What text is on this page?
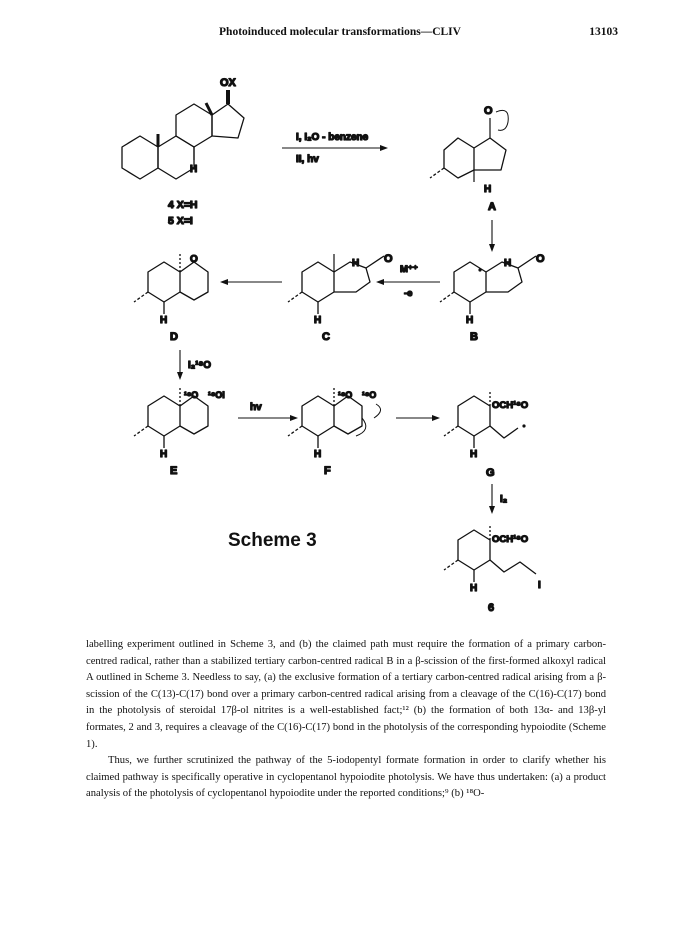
Photoinduced molecular transformations—CLIV	13103
OX
H
4 X=H
5 X=I
I, I₂O - benzene
II, hv
O
H
A
H O
H
B
M⁺⁺
-e
H O
H
C
O
H
D
I₂¹⁸O
¹⁸O ¹⁸OI
H
E
hv
¹⁸O ¹⁸O
H
F
OCH¹⁸O
H
G
I₂
OCH¹⁸O
I
H
6
Scheme 3

labelling experiment outlined in Scheme 3, and (b) the claimed path must require the formation of a primary carbon-centred radical, rather than a stabilized tertiary carbon-centred radical B in a β-scission of the first-formed alkoxyl radical A outlined in Scheme 3. Needless to say, (a) the exclusive formation of a tertiary carbon-centred radical arising from a β-scission of the C(13)-C(17) bond over a primary carbon-centred radical arising from a cleavage of the C(16)-C(17) bond in the photolysis of steroidal 17β-ol nitrites is a well-established fact;¹² (b) the formation of both 13α- and 13β-yl formates, 2 and 3, requires a cleavage of the C(16)-C(17) bond in the photolysis of the corresponding hypoiodite (Scheme 1).

Thus, we further scrutinized the pathway of the 5-iodopentyl formate formation in order to clarify whether his claimed pathway is specifically operative in cyclopentanol hypoiodite photolysis. We have thus undertaken: (a) a product analysis of the photolysis of cyclopentanol hypoiodite under the reported conditions;⁹ (b) ¹⁸O-
